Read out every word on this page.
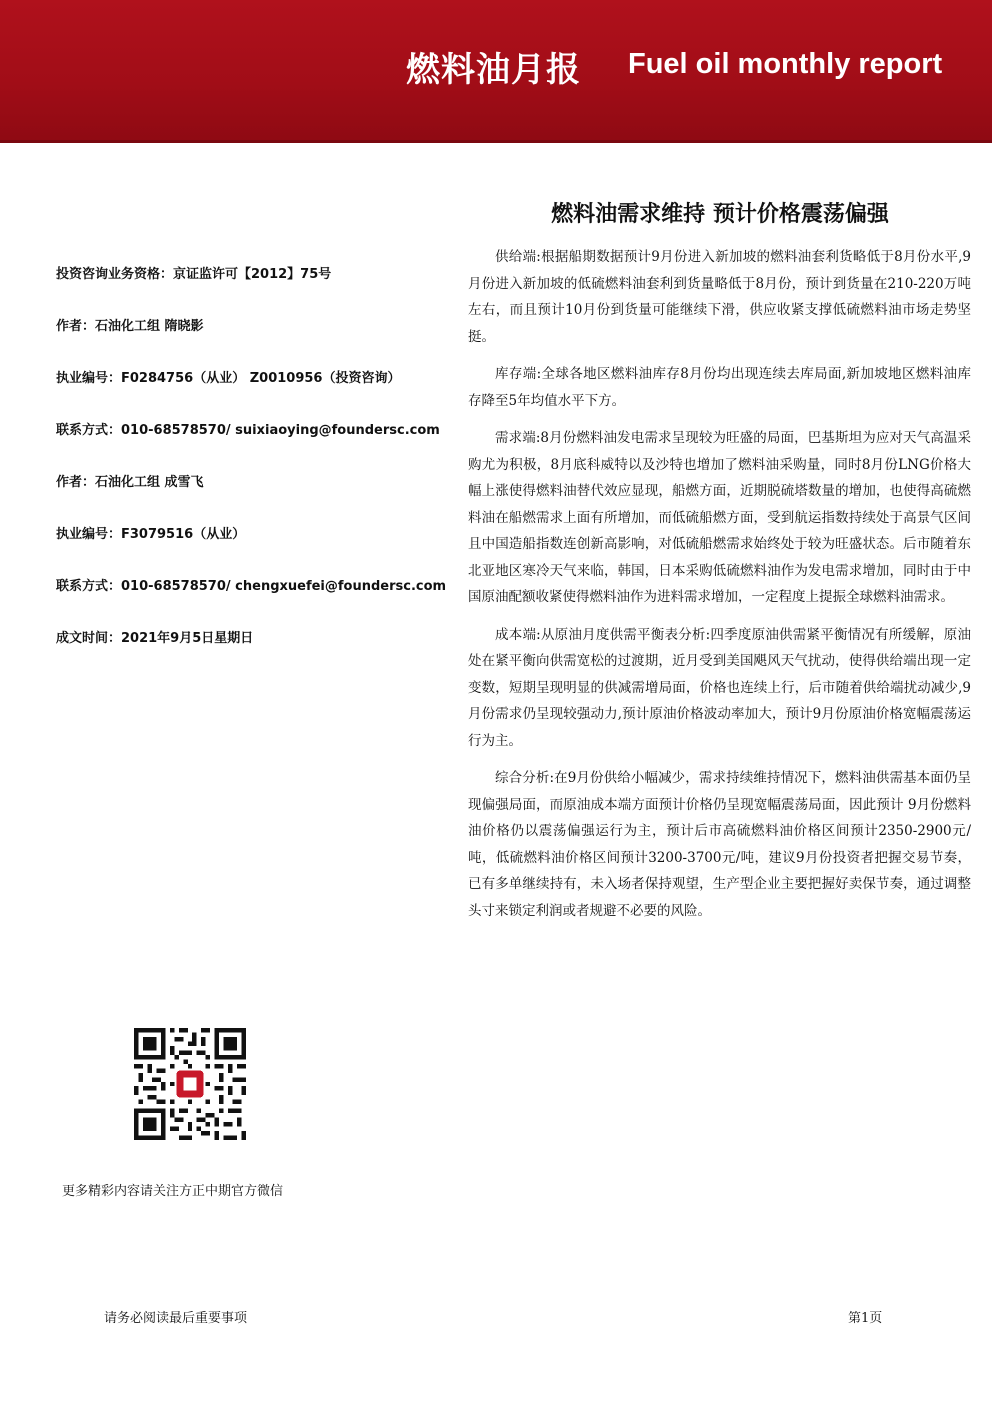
燃料油月报 Fuel oil monthly report
燃料油需求维持 预计价格震荡偏强
投资咨询业务资格：京证监许可【2012】75号
作者：石油化工组 隋晓影
执业编号：F0284756（从业） Z0010956（投资咨询）
联系方式：010-68578570/ suixiaoying@foundersc.com
作者：石油化工组 成雪飞
执业编号：F3079516（从业）
联系方式：010-68578570/ chengxuefei@foundersc.com
成文时间：2021年9月5日星期日

供给端:根据船期数据预计9月份进入新加坡的燃料油套利货略低于8月份水平,9月份进入新加坡的低硫燃料油套利到货量略低于8月份，预计到货量在210-220万吨左右，而且预计10月份到货量可能继续下滑，供应收紧支撑低硫燃料油市场走势坚挺。

库存端:全球各地区燃料油库存8月份均出现连续去库局面,新加坡地区燃料油库存降至5年均值水平下方。

需求端:8月份燃料油发电需求呈现较为旺盛的局面，巴基斯坦为应对天气高温采购尤为积极，8月底科威特以及沙特也增加了燃料油采购量，同时8月份LNG价格大幅上涨使得燃料油替代效应显现，船燃方面，近期脱硫塔数量的增加，也使得高硫燃料油在船燃需求上面有所增加，而低硫船燃方面，受到航运指数持续处于高景气区间且中国造船指数连创新高影响，对低硫船燃需求始终处于较为旺盛状态。后市随着东北亚地区寒冷天气来临，韩国，日本采购低硫燃料油作为发电需求增加，同时由于中国原油配额收紧使得燃料油作为进料需求增加，一定程度上提振全球燃料油需求。

成本端:从原油月度供需平衡表分析:四季度原油供需紧平衡情况有所缓解，原油处在紧平衡向供需宽松的过渡期，近月受到美国飓风天气扰动，使得供给端出现一定变数，短期呈现明显的供减需增局面，价格也连续上行，后市随着供给端扰动减少,9月份需求仍呈现较强动力,预计原油价格波动率加大，预计9月份原油价格宽幅震荡运行为主。

综合分析:在9月份供给小幅减少，需求持续维持情况下，燃料油供需基本面仍呈现偏强局面，而原油成本端方面预计价格仍呈现宽幅震荡局面，因此预计 9月份燃料油价格仍以震荡偏强运行为主，预计后市高硫燃料油价格区间预计2350-2900元/吨，低硫燃料油价格区间预计3200-3700元/吨，建议9月份投资者把握交易节奏，已有多单继续持有，未入场者保持观望，生产型企业主要把握好卖保节奏，通过调整头寸来锁定利润或者规避不必要的风险。

更多精彩内容请关注方正中期官方微信
请务必阅读最后重要事项	第1页
